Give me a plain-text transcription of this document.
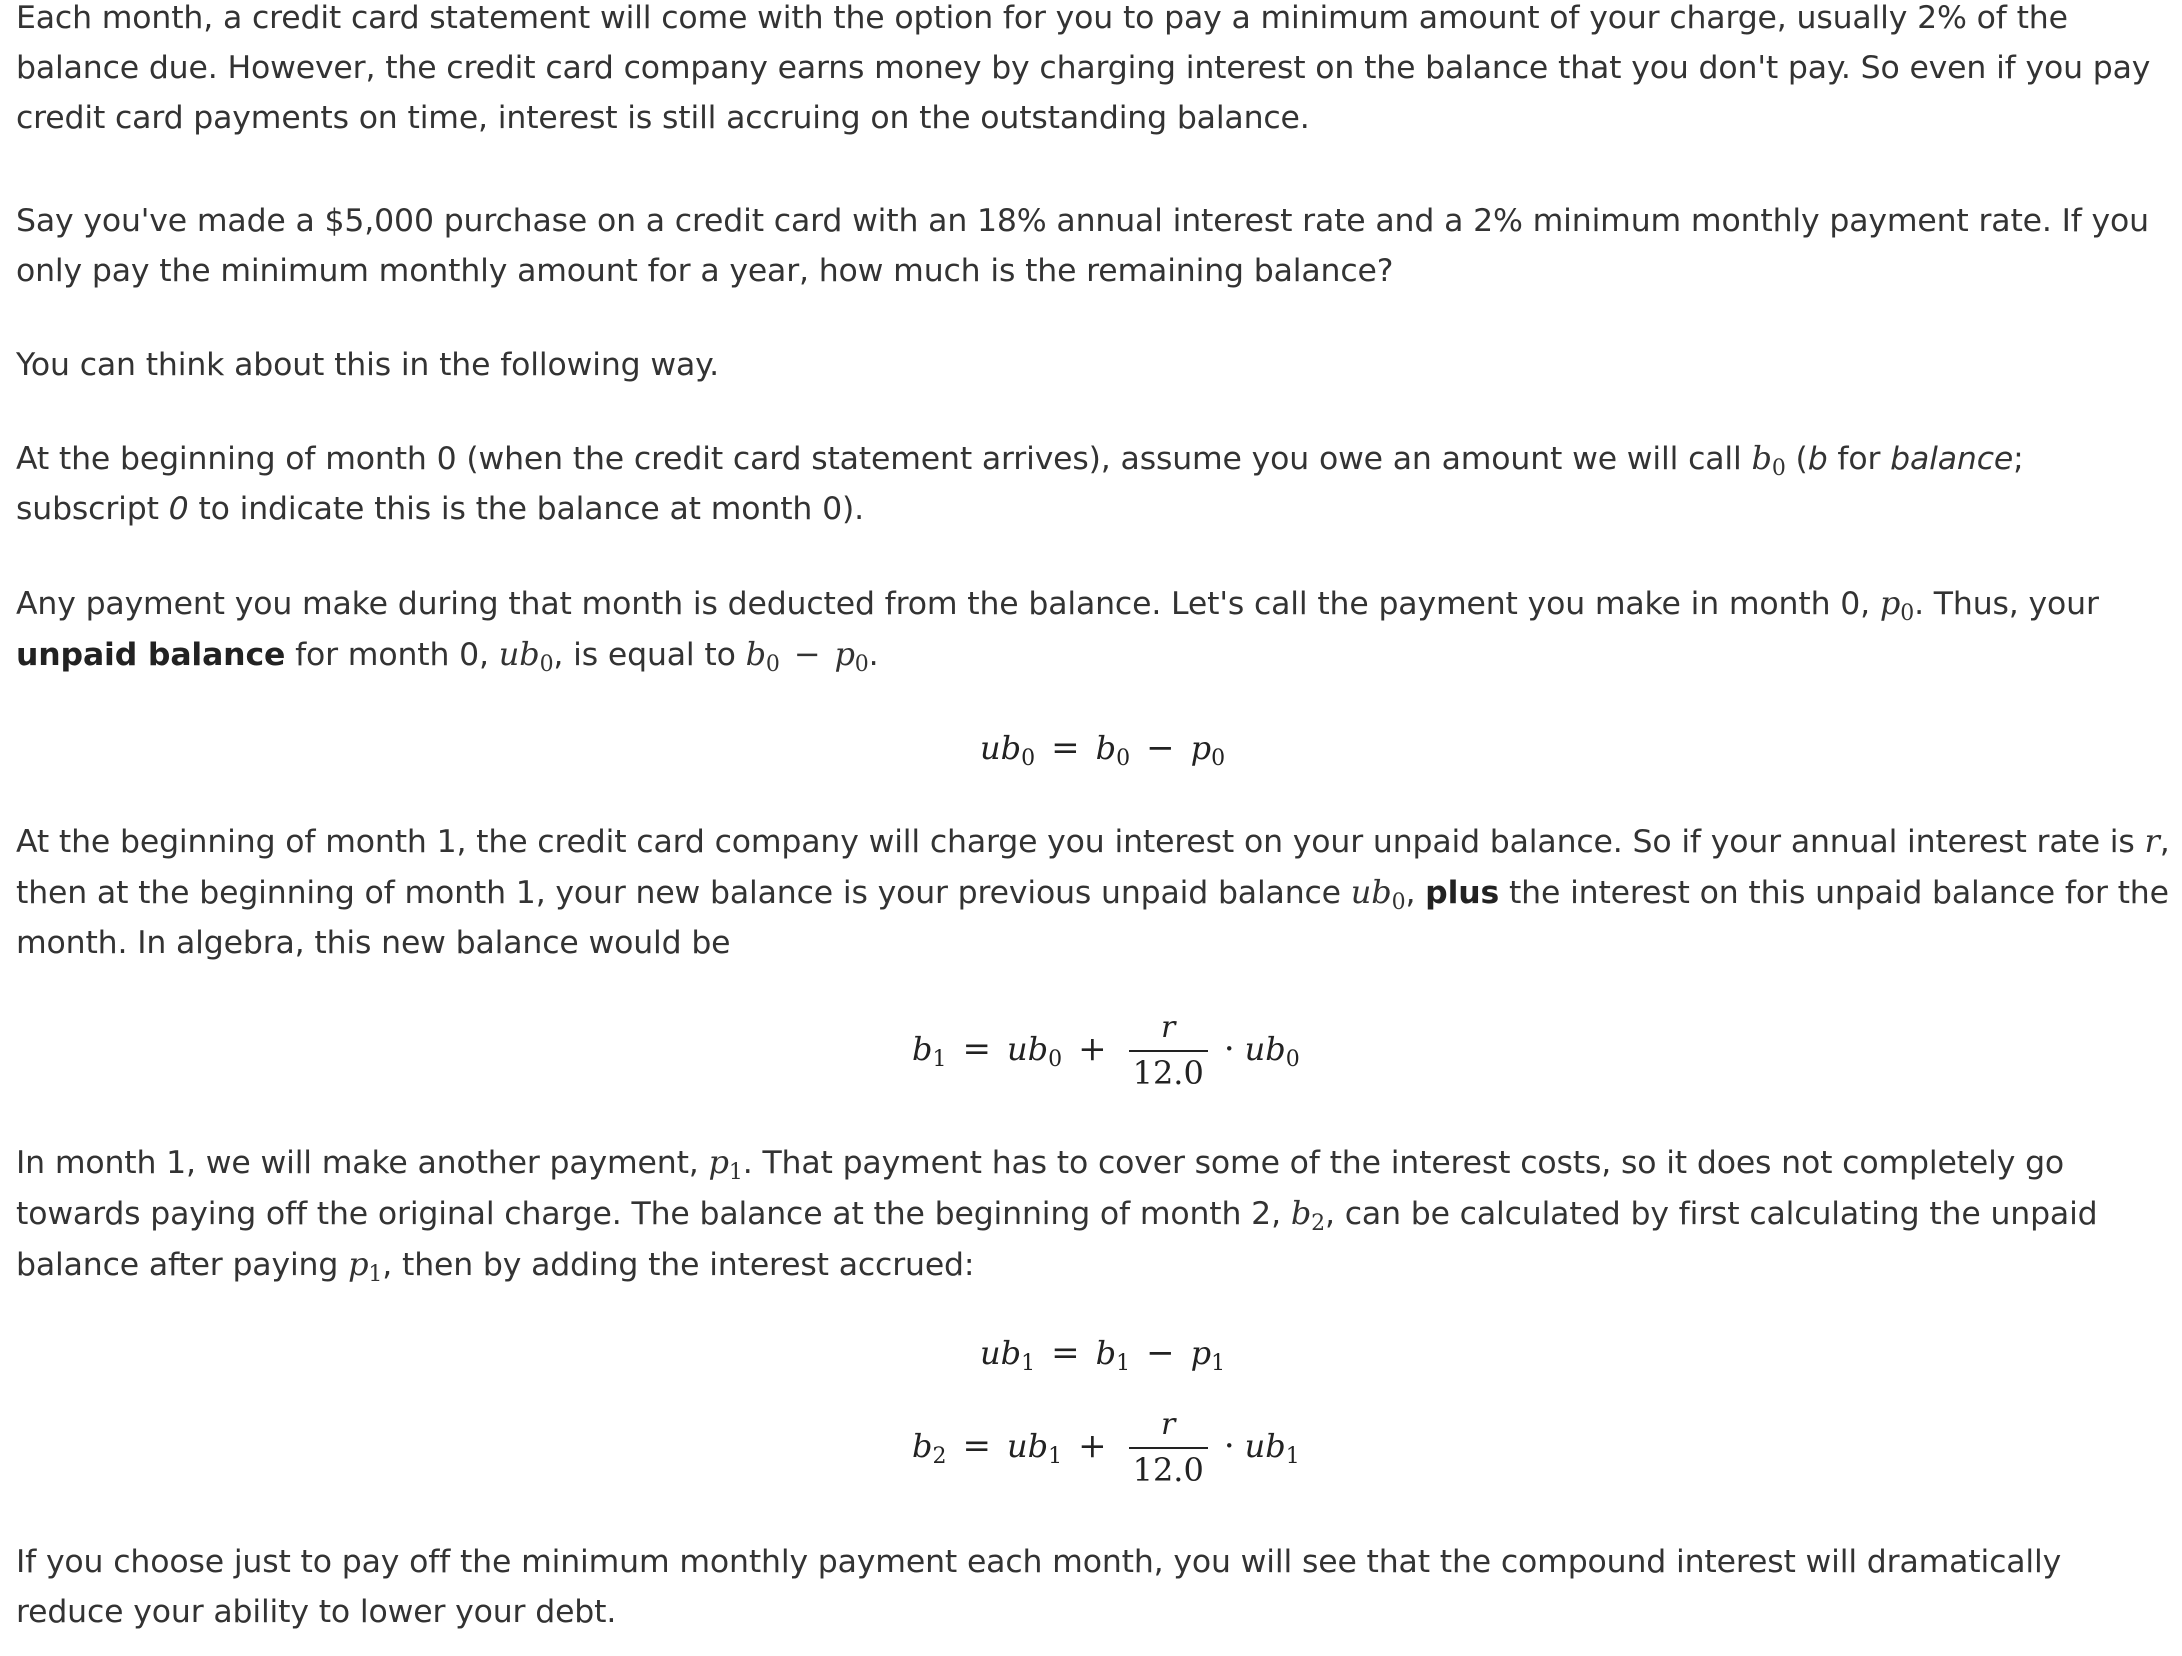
Each month, a credit card statement will come with the option for you to pay a minimum amount of your charge, usually 2% of the balance due. However, the credit card company earns money by charging interest on the balance that you don't pay. So even if you pay credit card payments on time, interest is still accruing on the outstanding balance.

Say you've made a $5,000 purchase on a credit card with an 18% annual interest rate and a 2% minimum monthly payment rate. If you only pay the minimum monthly amount for a year, how much is the remaining balance?

You can think about this in the following way.

At the beginning of month 0 (when the credit card statement arrives), assume you owe an amount we will call $b_0$ (b for balance; subscript 0 to indicate this is the balance at month 0).

Any payment you make during that month is deducted from the balance. Let's call the payment you make in month 0, $p_0$. Thus, your unpaid balance for month 0, $ub_0$, is equal to $b_0 - p_0$.

At the beginning of month 1, the credit card company will charge you interest on your unpaid balance. So if your annual interest rate is r, then at the beginning of month 1, your new balance is your previous unpaid balance $ub_0$, plus the interest on this unpaid balance for the month. In algebra, this new balance would be

In month 1, we will make another payment, $p_1$. That payment has to cover some of the interest costs, so it does not completely go towards paying off the original charge. The balance at the beginning of month 2, $b_2$, can be calculated by first calculating the unpaid balance after paying $p_1$, then by adding the interest accrued:

If you choose just to pay off the minimum monthly payment each month, you will see that the compound interest will dramatically reduce your ability to lower your debt.

$ub_0 = b_0 - p_0$
$b_1 = ub_0 + \frac{r}{12.0} \cdot ub_0$
$ub_1 = b_1 - p_1$
$b_2 = ub_1 + \frac{r}{12.0} \cdot ub_1$
